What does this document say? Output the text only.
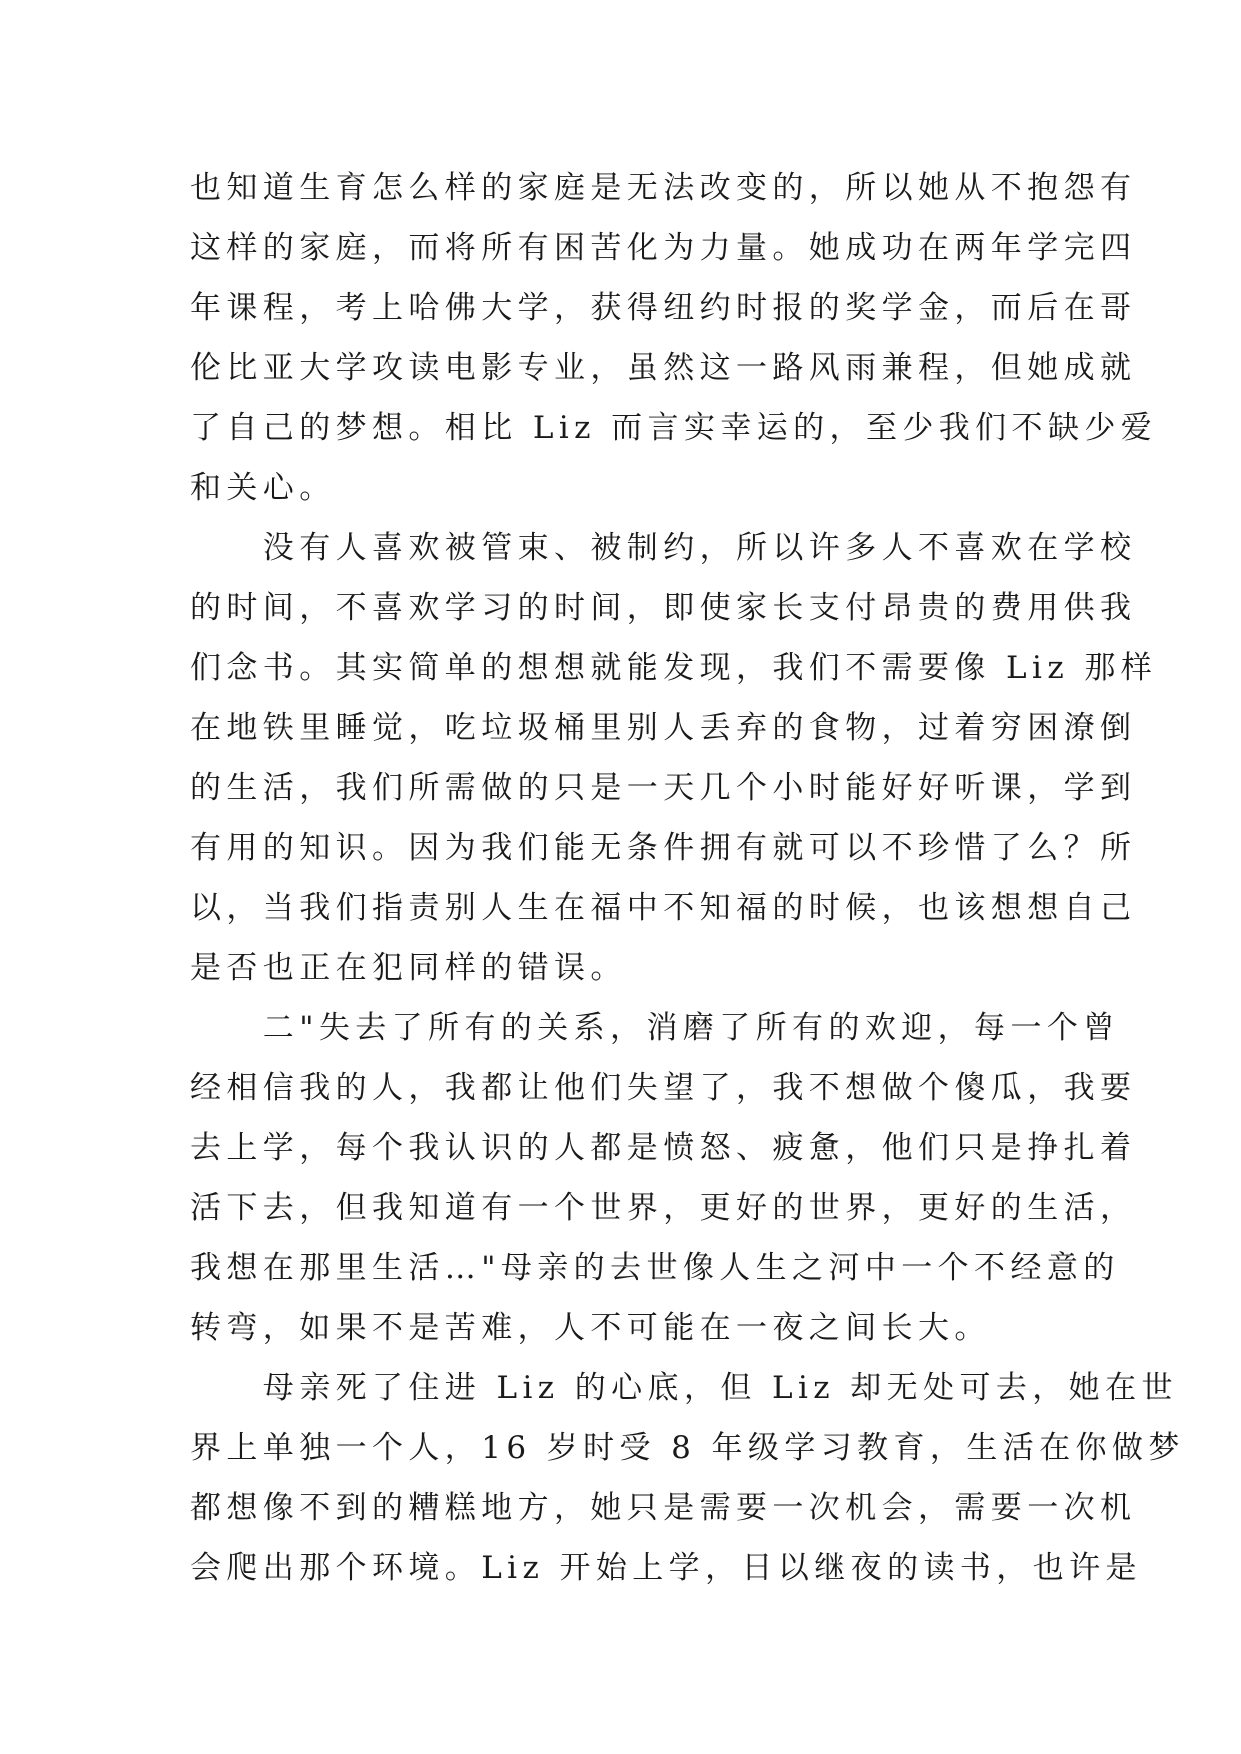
也知道生育怎么样的家庭是无法改变的，所以她从不抱怨有
这样的家庭，而将所有困苦化为力量。她成功在两年学完四
年课程，考上哈佛大学，获得纽约时报的奖学金，而后在哥
伦比亚大学攻读电影专业，虽然这一路风雨兼程，但她成就
了自己的梦想。相比 Liz 而言实幸运的，至少我们不缺少爱
和关心。
　　没有人喜欢被管束、被制约，所以许多人不喜欢在学校
的时间，不喜欢学习的时间，即使家长支付昂贵的费用供我
们念书。其实简单的想想就能发现，我们不需要像 Liz 那样
在地铁里睡觉，吃垃圾桶里别人丢弃的食物，过着穷困潦倒
的生活，我们所需做的只是一天几个小时能好好听课，学到
有用的知识。因为我们能无条件拥有就可以不珍惜了么？所
以，当我们指责别人生在福中不知福的时候，也该想想自己
是否也正在犯同样的错误。
　　二"失去了所有的关系，消磨了所有的欢迎，每一个曾
经相信我的人，我都让他们失望了，我不想做个傻瓜，我要
去上学，每个我认识的人都是愤怒、疲惫，他们只是挣扎着
活下去，但我知道有一个世界，更好的世界，更好的生活，
我想在那里生活…"母亲的去世像人生之河中一个不经意的
转弯，如果不是苦难，人不可能在一夜之间长大。
　　母亲死了住进 Liz 的心底，但 Liz 却无处可去，她在世
界上单独一个人，16 岁时受 8 年级学习教育，生活在你做梦
都想像不到的糟糕地方，她只是需要一次机会，需要一次机
会爬出那个环境。Liz 开始上学，日以继夜的读书，也许是
